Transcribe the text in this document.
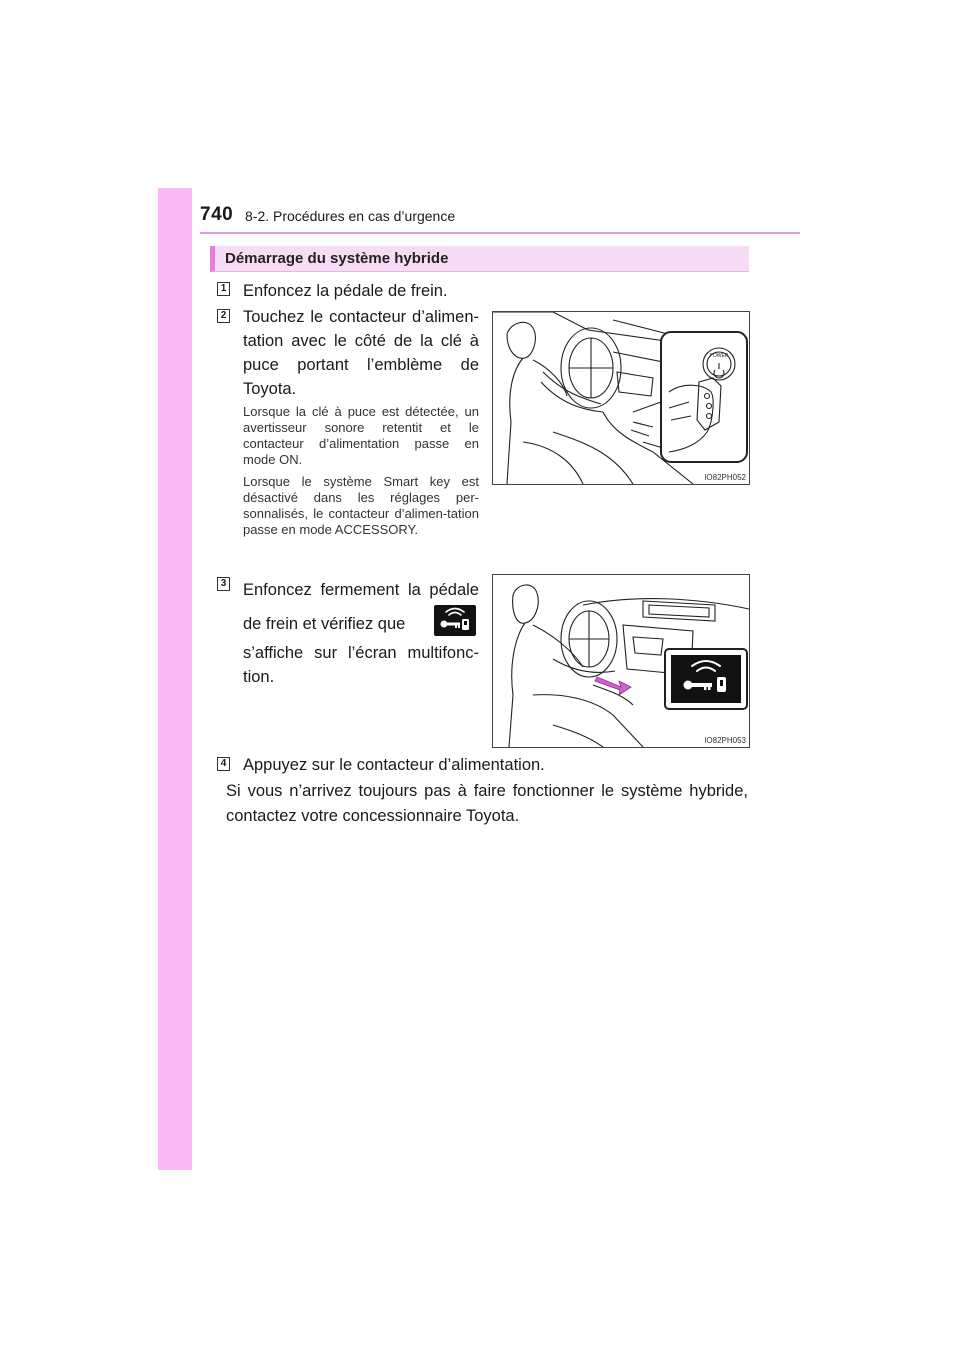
740 8-2. Procédures en cas d’urgence
Démarrage du système hybride
1 Enfoncez la pédale de frein.
2 Touchez le contacteur d’alimen-tation avec le côté de la clé à puce portant l’emblème de Toyota.
Lorsque la clé à puce est détectée, un avertisseur sonore retentit et le contacteur d’alimentation passe en mode ON.
Lorsque le système Smart key est désactivé dans les réglages per-sonnalisés, le contacteur d’alimen-tation passe en mode ACCESSORY.
POWER
IO82PH052
3 Enfoncez fermement la pédale de frein et vérifiez que
s’affiche sur l’écran multifonc-tion.
IO82PH053
4 Appuyez sur le contacteur d’alimentation.
Si vous n’arrivez toujours pas à faire fonctionner le système hybride, contactez votre concessionnaire Toyota.
